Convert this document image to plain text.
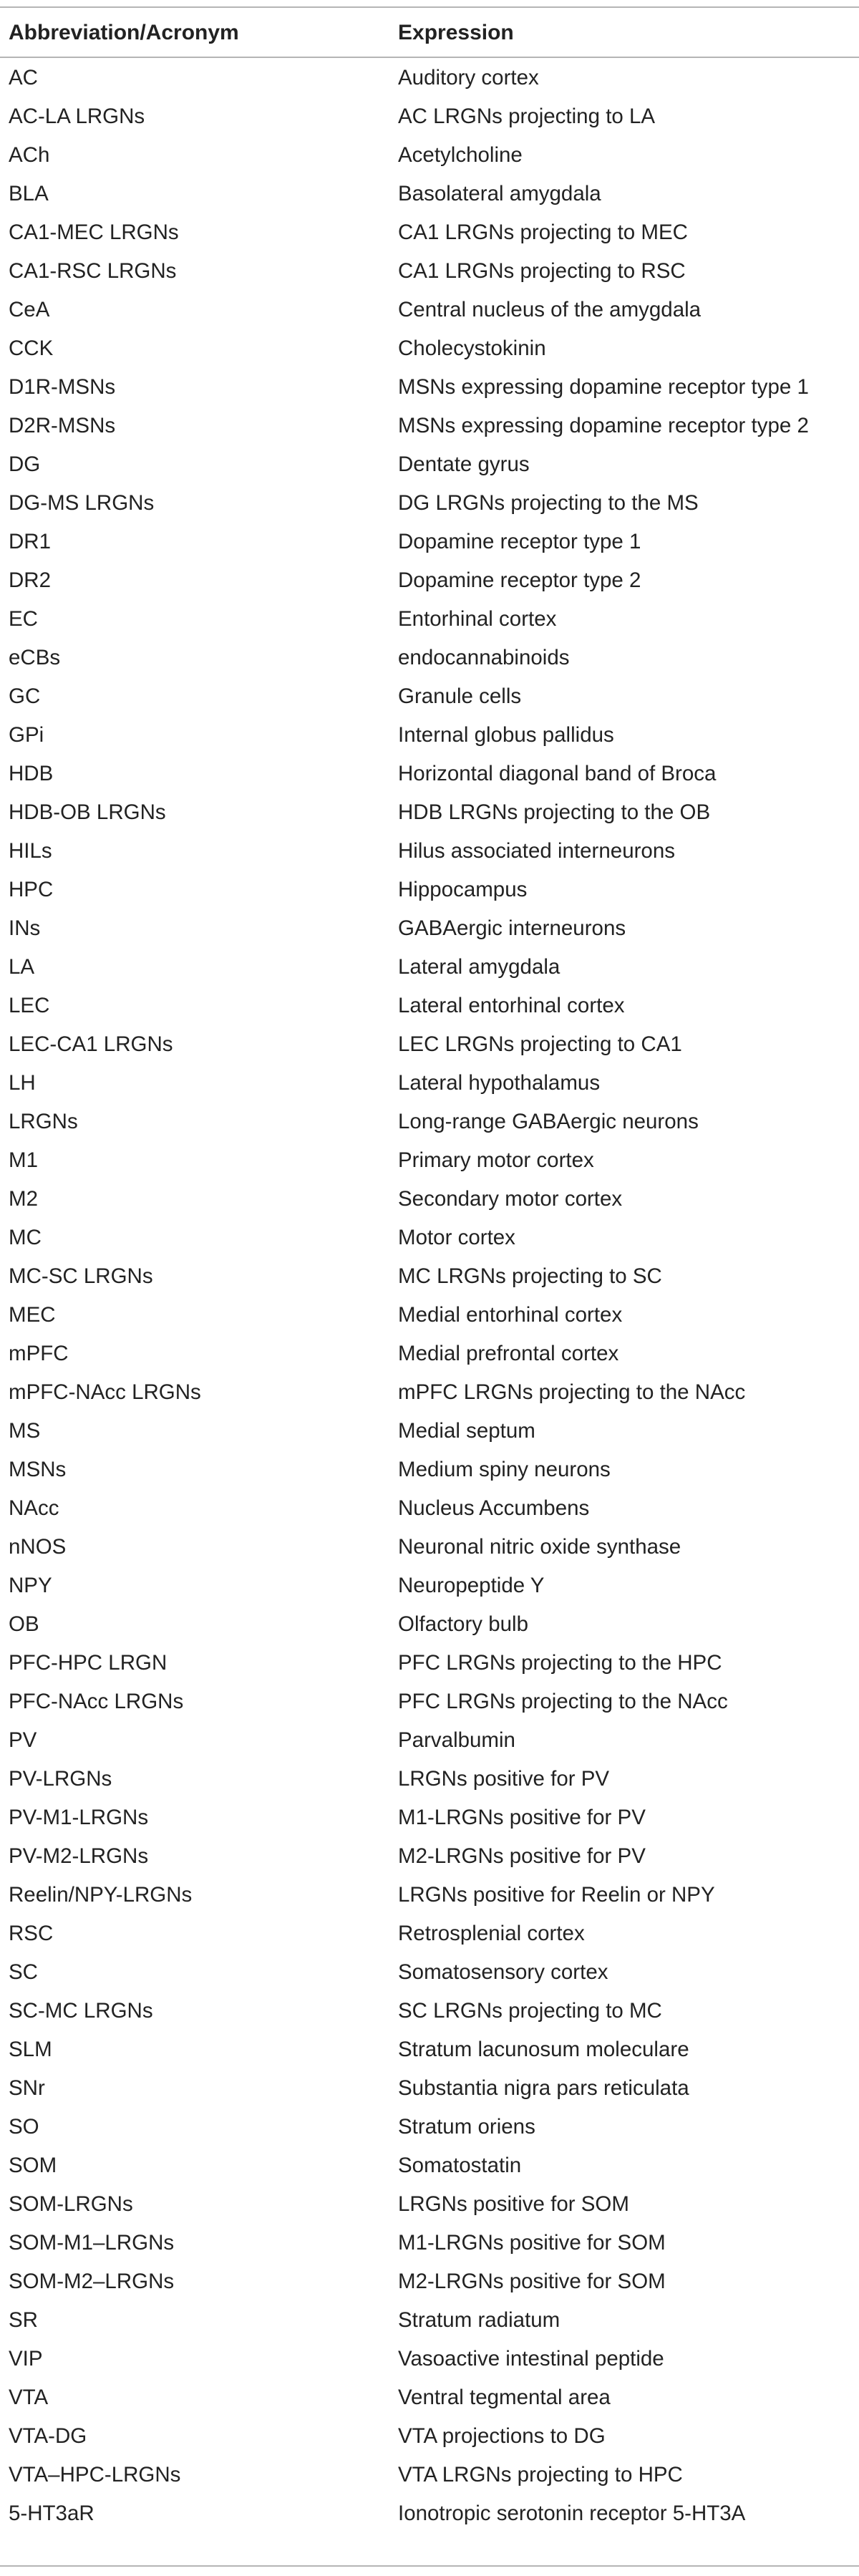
Abbreviation/Acronym	Expression
AC	Auditory cortex
AC-LA LRGNs	AC LRGNs projecting to LA
ACh	Acetylcholine
BLA	Basolateral amygdala
CA1-MEC LRGNs	CA1 LRGNs projecting to MEC
CA1-RSC LRGNs	CA1 LRGNs projecting to RSC
CeA	Central nucleus of the amygdala
CCK	Cholecystokinin
D1R-MSNs	MSNs expressing dopamine receptor type 1
D2R-MSNs	MSNs expressing dopamine receptor type 2
DG	Dentate gyrus
DG-MS LRGNs	DG LRGNs projecting to the MS
DR1	Dopamine receptor type 1
DR2	Dopamine receptor type 2
EC	Entorhinal cortex
eCBs	endocannabinoids
GC	Granule cells
GPi	Internal globus pallidus
HDB	Horizontal diagonal band of Broca
HDB-OB LRGNs	HDB LRGNs projecting to the OB
HILs	Hilus associated interneurons
HPC	Hippocampus
INs	GABAergic interneurons
LA	Lateral amygdala
LEC	Lateral entorhinal cortex
LEC-CA1 LRGNs	LEC LRGNs projecting to CA1
LH	Lateral hypothalamus
LRGNs	Long-range GABAergic neurons
M1	Primary motor cortex
M2	Secondary motor cortex
MC	Motor cortex
MC-SC LRGNs	MC LRGNs projecting to SC
MEC	Medial entorhinal cortex
mPFC	Medial prefrontal cortex
mPFC-NAcc LRGNs	mPFC LRGNs projecting to the NAcc
MS	Medial septum
MSNs	Medium spiny neurons
NAcc	Nucleus Accumbens
nNOS	Neuronal nitric oxide synthase
NPY	Neuropeptide Y
OB	Olfactory bulb
PFC-HPC LRGN	PFC LRGNs projecting to the HPC
PFC-NAcc LRGNs	PFC LRGNs projecting to the NAcc
PV	Parvalbumin
PV-LRGNs	LRGNs positive for PV
PV-M1-LRGNs	M1-LRGNs positive for PV
PV-M2-LRGNs	M2-LRGNs positive for PV
Reelin/NPY-LRGNs	LRGNs positive for Reelin or NPY
RSC	Retrosplenial cortex
SC	Somatosensory cortex
SC-MC LRGNs	SC LRGNs projecting to MC
SLM	Stratum lacunosum moleculare
SNr	Substantia nigra pars reticulata
SO	Stratum oriens
SOM	Somatostatin
SOM-LRGNs	LRGNs positive for SOM
SOM-M1–LRGNs	M1-LRGNs positive for SOM
SOM-M2–LRGNs	M2-LRGNs positive for SOM
SR	Stratum radiatum
VIP	Vasoactive intestinal peptide
VTA	Ventral tegmental area
VTA-DG	VTA projections to DG
VTA–HPC-LRGNs	VTA LRGNs projecting to HPC
5-HT3aR	Ionotropic serotonin receptor 5-HT3A
